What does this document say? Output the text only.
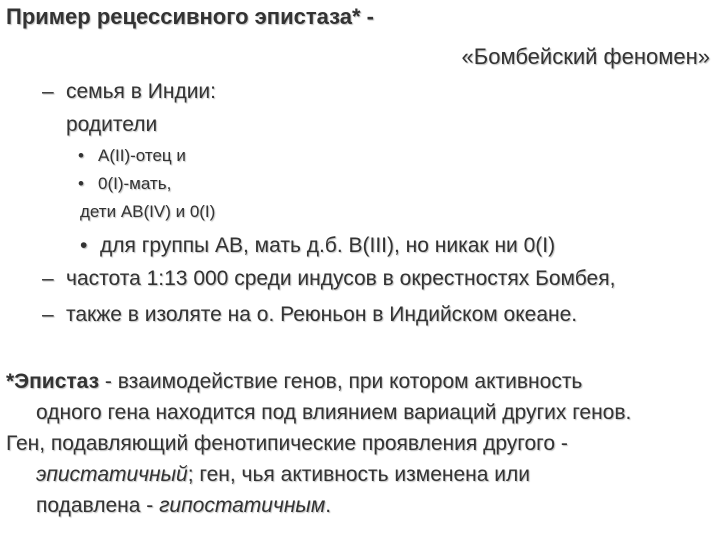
Пример рецессивного эпистаза* -
«Бомбейский феномен»
– семья в Индии:
родители
• А(II)-отец и
• 0(I)-мать,
дети АВ(IV) и 0(I)
• для группы АВ, мать д.б. В(III), но никак ни 0(I)
– частота 1:13 000 среди индусов в окрестностях Бомбея,
– также в изоляте на о. Реюньон в Индийском океане.
*Эпистаз - взаимодействие генов, при котором активность
одного гена находится под влиянием вариаций других генов.
Ген, подавляющий фенотипические проявления другого -
эпистатичный; ген, чья активность изменена или
подавлена - гипостатичным.
